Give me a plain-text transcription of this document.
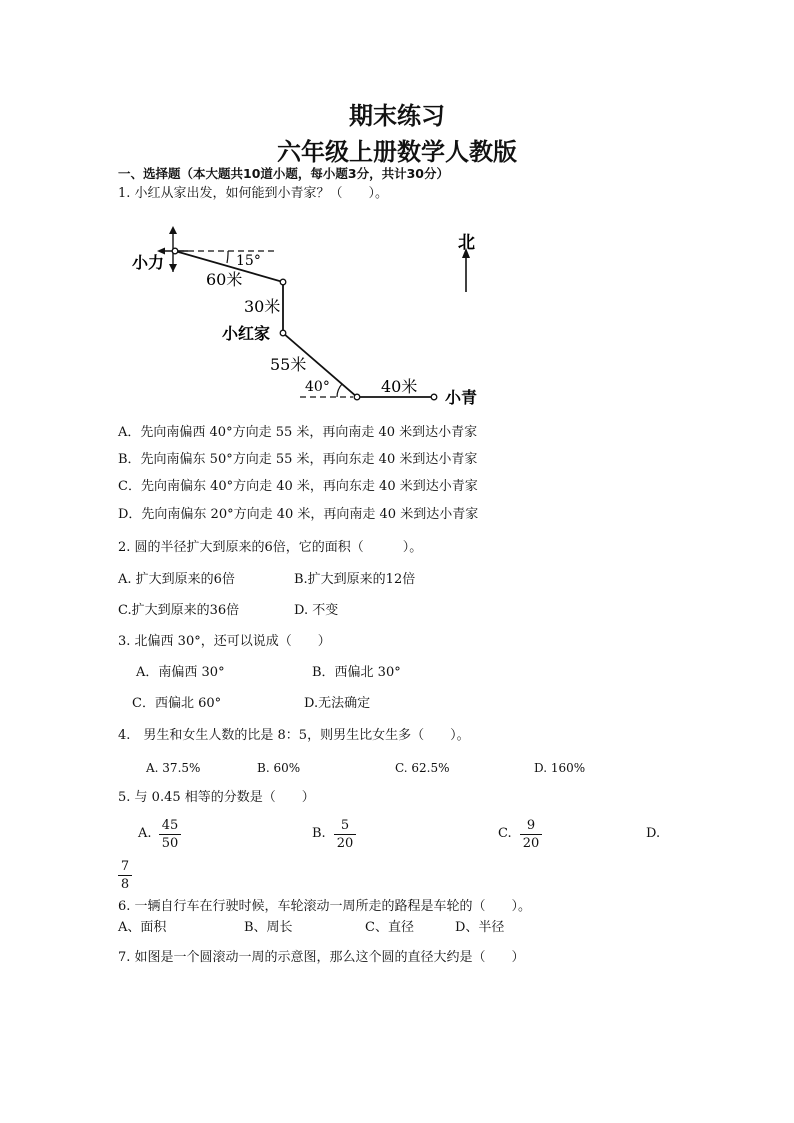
期末练习
六年级上册数学人教版
一、选择题（本大题共10道小题，每小题3分，共计30分）
1. 小红从家出发，如何能到小青家？（　　）。
北
小力	15°
60米
30米
小红家
55米
40°	40米
小青
A．先向南偏西 40°方向走 55 米，再向南走 40 米到达小青家
B．先向南偏东 50°方向走 55 米，再向东走 40 米到达小青家
C．先向南偏东 40°方向走 40 米，再向东走 40 米到达小青家
D．先向南偏东 20°方向走 40 米，再向南走 40 米到达小青家
2. 圆的半径扩大到原来的6倍，它的面积（　　　）。
A. 扩大到原来的6倍	B.扩大到原来的12倍
C.扩大到原来的36倍	D. 不变
3. 北偏西 30°，还可以说成（　　）
A．南偏西 30°	B．西偏北 30°
C．西偏北 60°	D.无法确定
4.　男生和女生人数的比是 8：5，则男生比女生多（　　）。
A. 37.5%	B. 60%	C. 62.5%	D. 160%
5. 与 0.45 相等的分数是（　　）
A. $\frac{45}{50}$	B. $\frac{5}{20}$	C. $\frac{9}{20}$	D.
$\frac{7}{8}$
6. 一辆自行车在行驶时候，车轮滚动一周所走的路程是车轮的（　　）。
A、面积	B、周长	C、直径	D、半径
7. 如图是一个圆滚动一周的示意图，那么这个圆的直径大约是（　　）
